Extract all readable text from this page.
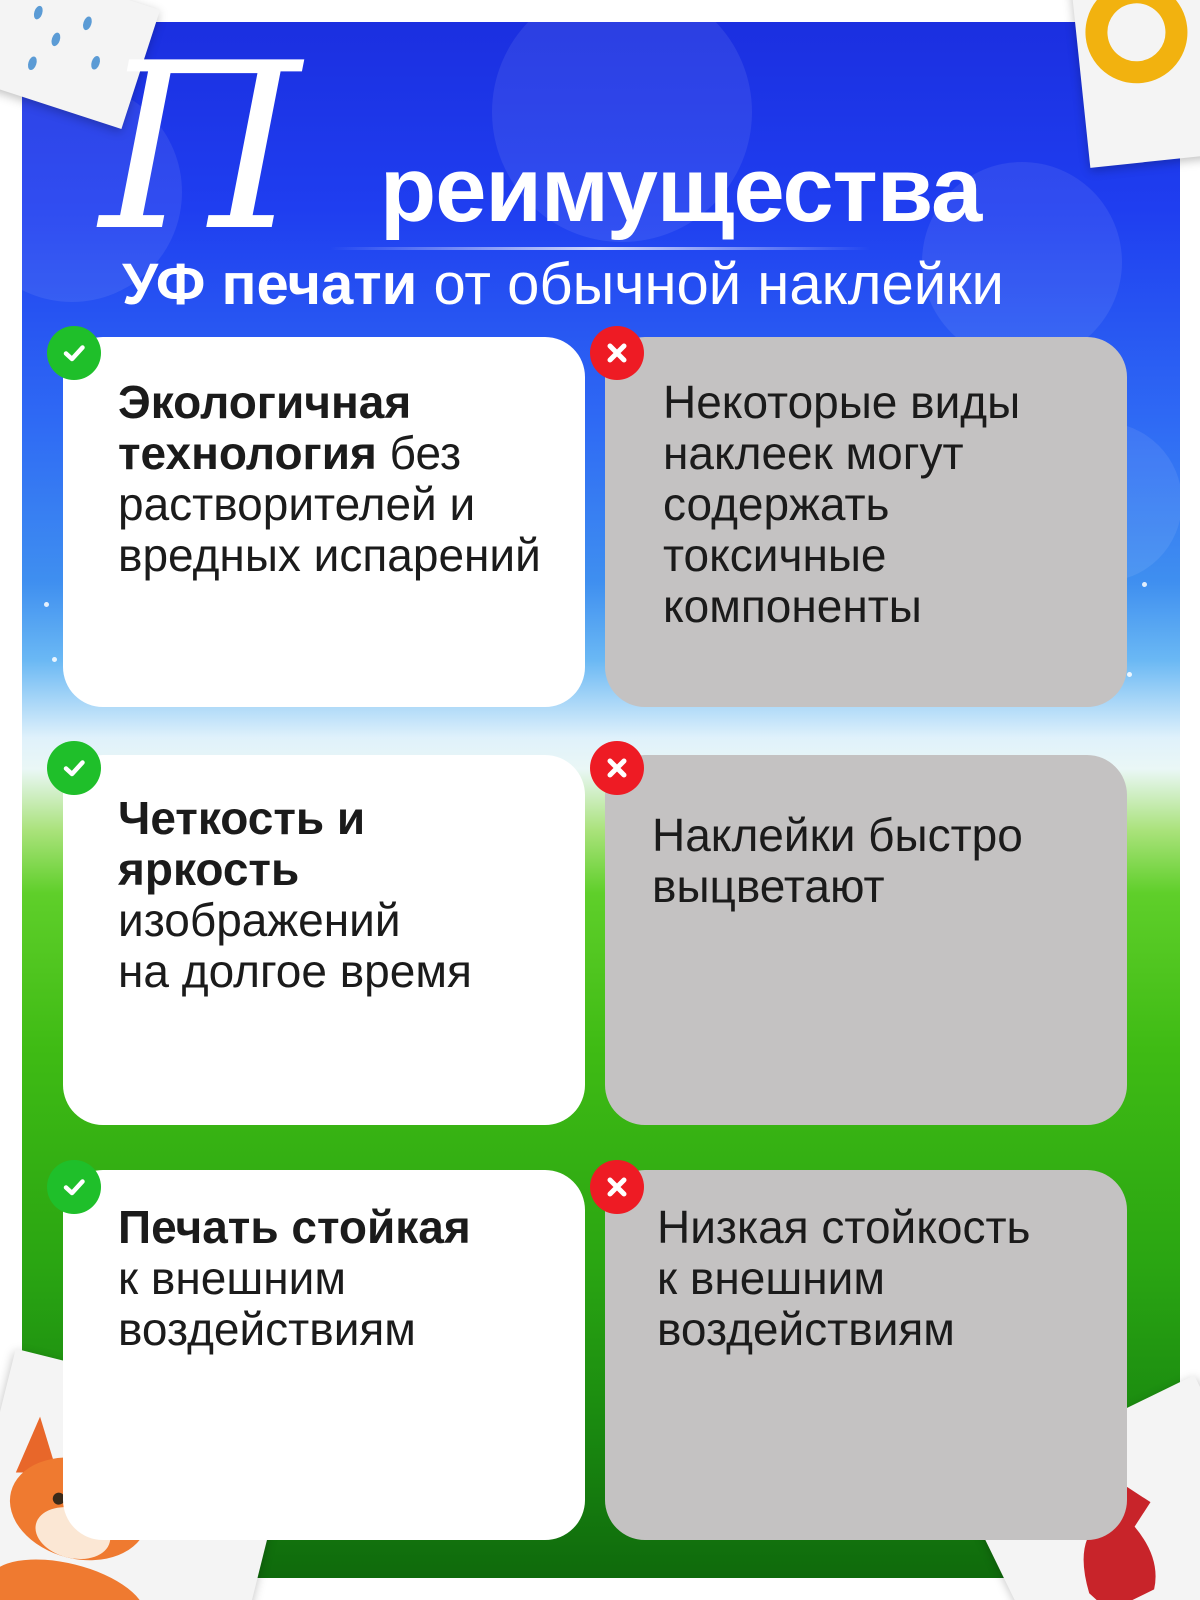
П реимущества
УФ печати от обычной наклейки
Экологичная
технология без растворителей и вредных испарений
Некоторые виды наклеек могут содержать токсичные компоненты
Четкость и
яркость
изображений
на долгое время
Наклейки быстро выцветают
Печать стойкая
к внешним
воздействиям
Низкая стойкость
к внешним
воздействиям
